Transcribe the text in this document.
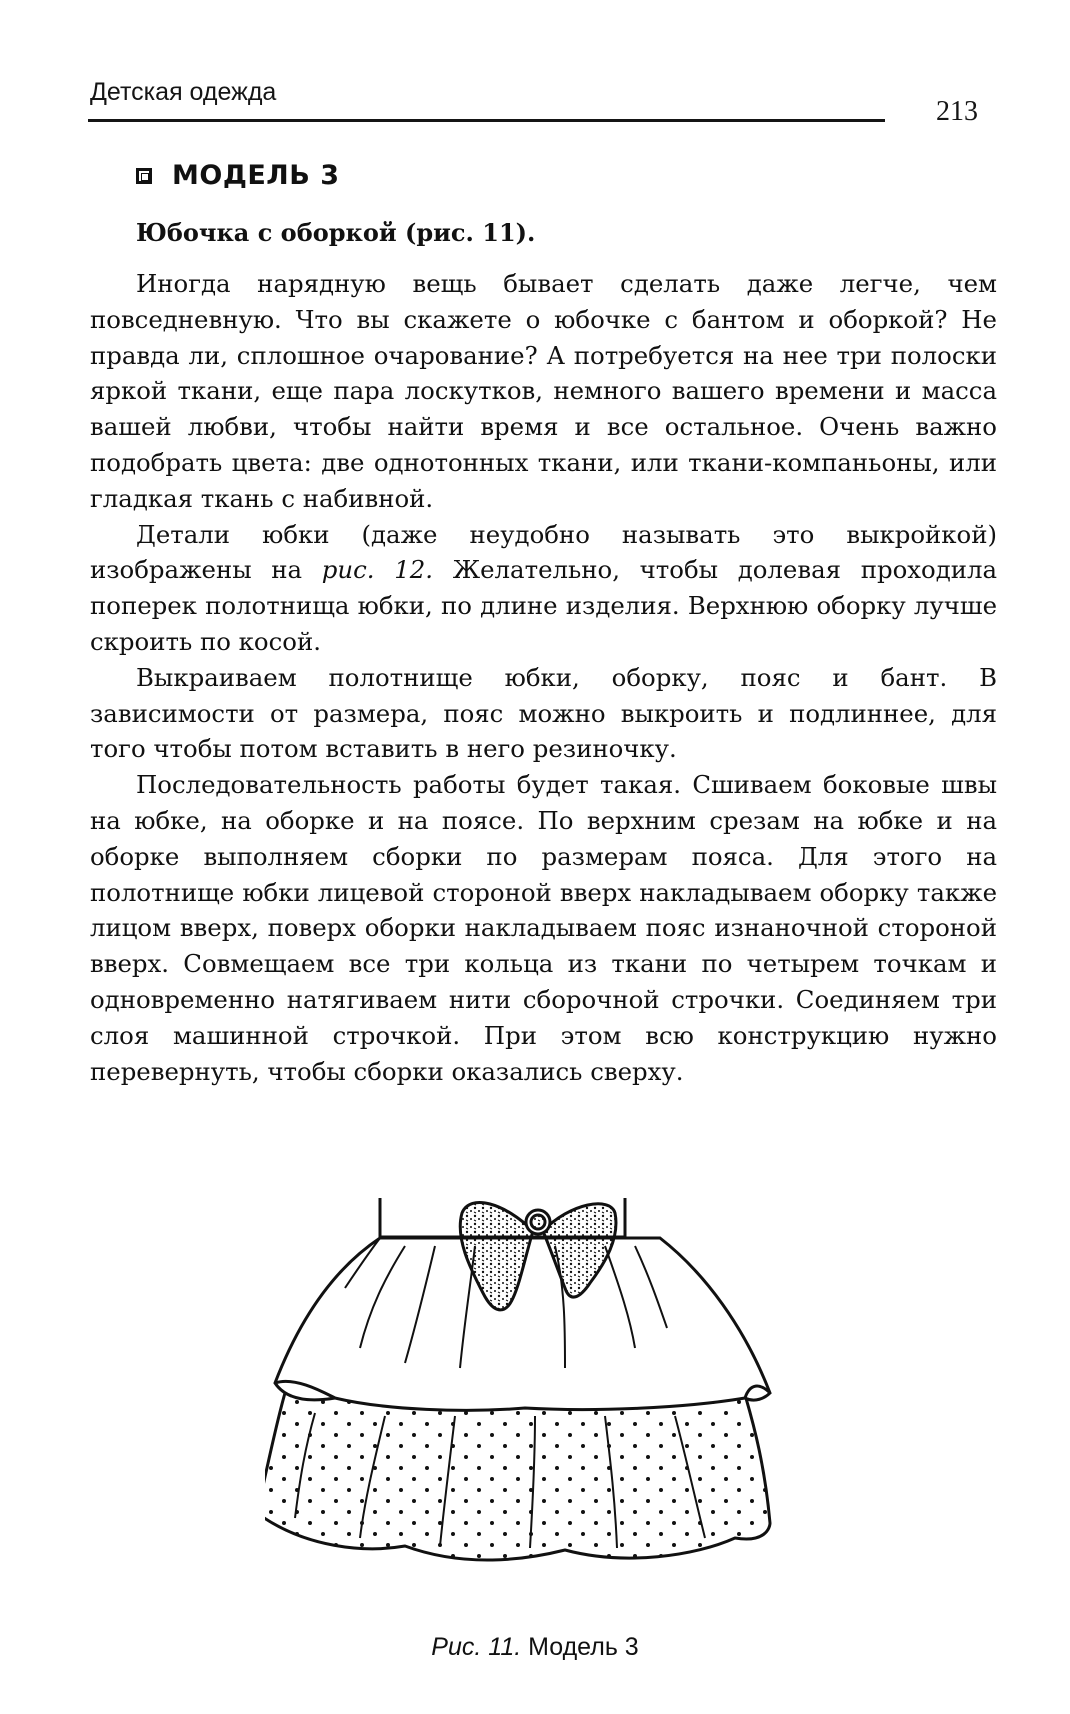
Детская одежда
213
МОДЕЛЬ 3
Юбочка с оборкой (рис. 11).

Иногда нарядную вещь бывает сделать даже легче, чем повседневную. Что вы скажете о юбочке с бантом и оборкой? Не правда ли, сплошное очарование? А потребуется на нее три полоски яркой ткани, еще пара лоскутков, немного вашего времени и масса вашей любви, чтобы найти время и все остальное. Очень важно подобрать цвета: две однотонных ткани, или ткани-компаньоны, или гладкая ткань с набивной.

Детали юбки (даже неудобно называть это выкройкой) изображены на рис. 12. Желательно, чтобы долевая проходила поперек полотнища юбки, по длине изделия. Верхнюю оборку лучше скроить по косой.

Выкраиваем полотнище юбки, оборку, пояс и бант. В зависимости от размера, пояс можно выкроить и подлиннее, для того чтобы потом вставить в него резиночку.

Последовательность работы будет такая. Сшиваем боковые швы на юбке, на оборке и на поясе. По верхним срезам на юбке и на оборке выполняем сборки по размерам пояса. Для этого на полотнище юбки лицевой стороной вверх накладываем оборку также лицом вверх, поверх оборки накладываем пояс изнаночной стороной вверх. Совмещаем все три кольца из ткани по четырем точкам и одновременно натягиваем нити сборочной строчки. Соединяем три слоя машинной строчкой. При этом всю конструкцию нужно перевернуть, чтобы сборки оказались сверху.

Рис. 11. Модель 3
